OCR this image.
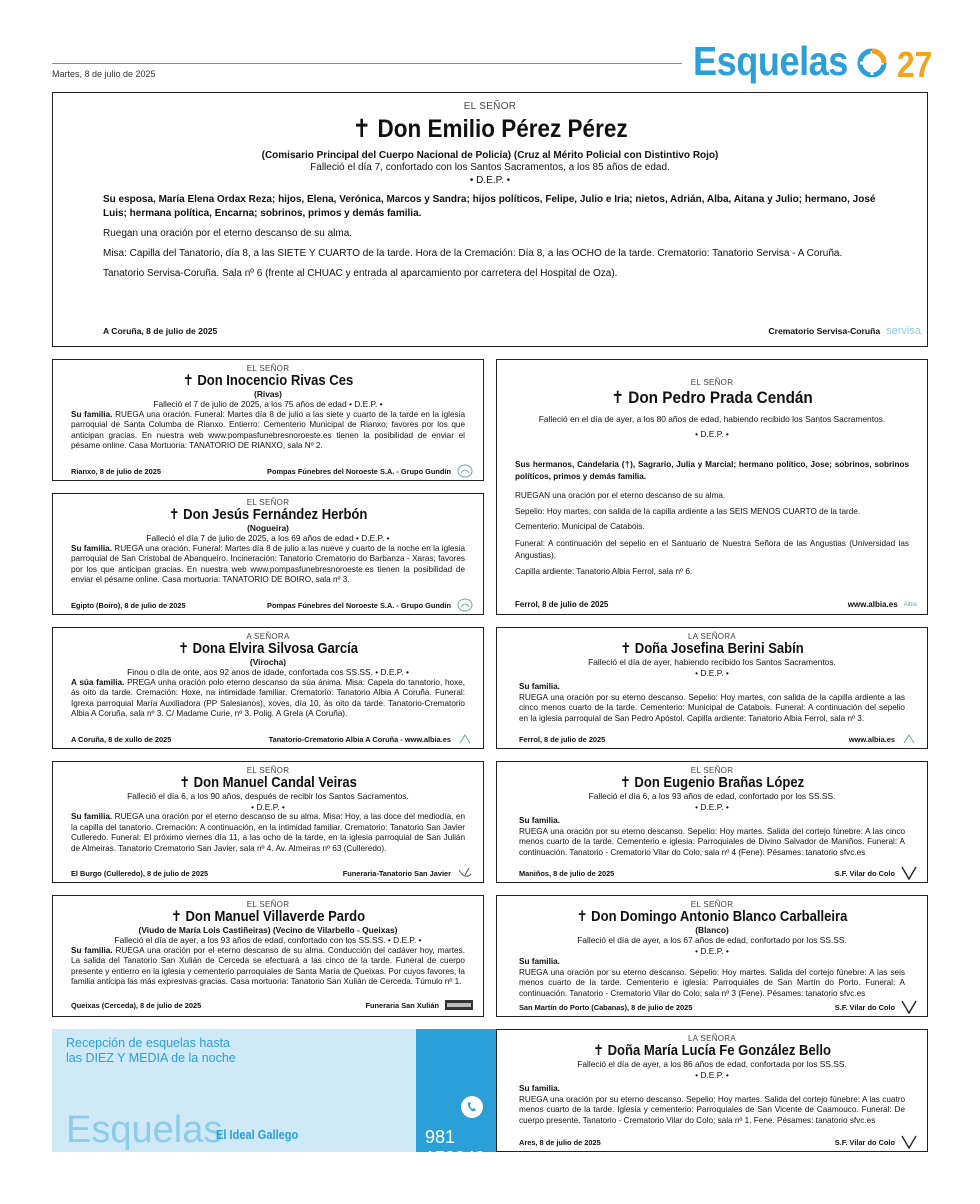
Martes, 8 de julio de 2025	Esquelas 27
EL SEÑOR
✝ Don Emilio Pérez Pérez
(Comisario Principal del Cuerpo Nacional de Policía) (Cruz al Mérito Policial con Distintivo Rojo)
Falleció el día 7, confortado con los Santos Sacramentos, a los 85 años de edad.
• D.E.P. •
Su esposa, María Elena Ordax Reza; hijos, Elena, Verónica, Marcos y Sandra; hijos políticos, Felipe, Julio e Iria; nietos, Adrián, Alba, Aitana y Julio; hermano, José Luis; hermana política, Encarna; sobrinos, primos y demás familia.
Ruegan una oración por el eterno descanso de su alma.
Misa: Capilla del Tanatorio, día 8, a las SIETE Y CUARTO de la tarde. Hora de la Cremación: Día 8, a las OCHO de la tarde. Crematorio: Tanatorio Servisa - A Coruña.
Tanatorio Servisa-Coruña. Sala nº 6 (frente al CHUAC y entrada al aparcamiento por carretera del Hospital de Oza).
A Coruña, 8 de julio de 2025	Crematorio Servisa-Coruña servisa
EL SEÑOR
✝ Don Inocencio Rivas Ces
(Rivas)
Falleció el 7 de julio de 2025, a los 75 años de edad • D.E.P. •
Su familia. RUEGA una oración. Funeral: Martes día 8 de julio a las siete y cuarto de la tarde en la iglesia parroquial de Santa Columba de Rianxo. Entierro: Cementerio Municipal de Rianxo; favores por los que anticipan gracias. En nuestra web www.pompasfunebresnoroeste.es tienen la posibilidad de enviar el pésame online. Casa Mortuoria: TANATORIO DE RIANXO, sala Nº 2.
Rianxo, 8 de julio de 2025	Pompas Fúnebres del Noroeste S.A. - Grupo Gundín
EL SEÑOR
✝ Don Jesús Fernández Herbón
(Nogueira)
Falleció el día 7 de julio de 2025, a los 69 años de edad • D.E.P. •
Su familia. RUEGA una oración. Funeral: Martes día 8 de julio a las nueve y cuarto de la noche en la iglesia parroquial de San Cristobal de Abanqueiro. Incineración: Tanatorio Crematorio do Barbanza - Xaras; favores por los que anticipan gracias. En nuestra web www.pompasfunebresnoroeste.es tienen la posibilidad de enviar el pésame online. Casa mortuoria: TANATORIO DE BOIRO, sala nº 3.
Egipto (Boiro), 8 de julio de 2025	Pompas Fúnebres del Noroeste S.A. - Grupo Gundín
A SEÑORA
✝ Dona Elvira Silvosa García
(Virocha)
Finou o día de onte, aos 92 anos de idade, confortada cos SS.SS. • D.E.P. •
A súa familia. PREGA unha oración polo eterno descanso da súa ánima. Misa: Capela do tanatorio, hoxe, ás oito da tarde. Cremación: Hoxe, na intimidade familiar. Crematorio: Tanatorio Albia A Coruña. Funeral: Igrexa parroquial María Auxiliadora (PP Salesianos), xoves, día 10, ás oito da tarde. Tanatorio-Crematorio Albia A Coruña, sala nº 3. C/ Madame Curie, nº 3. Polig. A Grela (A Coruña).
A Coruña, 8 de xullo de 2025	Tanatorio-Crematorio Albia A Coruña - www.albia.es
EL SEÑOR
✝ Don Manuel Candal Veiras
Falleció el día 6, a los 90 años, después de recibir los Santos Sacramentos.
• D.E.P. •
Su familia. RUEGA una oración por el eterno descanso de su alma. Misa: Hoy, a las doce del mediodía, en la capilla del tanatorio. Cremación: A continuación, en la intimidad familiar. Crematorio: Tanatorio San Javier Culleredo. Funeral: El próximo viernes día 11, a las ocho de la tarde, en la iglesia parroquial de San Julián de Almeiras. Tanatorio Crematorio San Javier, sala nº 4. Av. Almeiras nº 63 (Culleredo).
El Burgo (Culleredo), 8 de julio de 2025	Funeraria-Tanatorio San Javier
EL SEÑOR
✝ Don Manuel Villaverde Pardo
(Viudo de María Lois Castiñeiras) (Vecino de Vilarbello - Queixas)
Falleció el día de ayer, a los 93 años de edad, confortado con los SS.SS. • D.E.P. •
Su familia. RUEGA una oración por el eterno descanso de su alma. Conducción del cadáver hoy, martes. La salida del Tanatorio San Xulián de Cerceda se efectuará a las cinco de la tarde. Funeral de cuerpo presente y entierro en la iglesia y cementerio parroquiales de Santa María de Queixas. Por cuyos favores, la familia anticipa las más expresivas gracias. Casa mortuoria: Tanatorio San Xulián de Cerceda. Túmulo nº 1.
Queixas (Cerceda), 8 de julio de 2025	Funeraria San Xulián
Recepción de esquelas hasta
las DIEZ Y MEDIA de la noche
Esquelas
El Ideal Gallego	981 173040
EL SEÑOR
✝ Don Pedro Prada Cendán
Falleció en el día de ayer, a los 80 años de edad, habiendo recibido los Santos Sacramentos.
• D.E.P. •
Sus hermanos, Candelaria (†), Sagrario, Julia y Marcial; hermano político, Jose; sobrinos, sobrinos políticos, primos y demás familia.
RUEGAN una oración por el eterno descanso de su alma.
Sepelio: Hoy martes, con salida de la capilla ardiente a las SEIS MENOS CUARTO de la tarde.
Cementerio: Municipal de Catabois.
Funeral: A continuación del sepelio en el Santuario de Nuestra Señora de las Angustias (Universidad las Angustias).
Capilla ardiente: Tanatorio Albia Ferrol, sala nº 6.
Ferrol, 8 de julio de 2025	www.albia.es Albia
LA SEÑORA
✝ Doña Josefina Berini Sabín
Falleció el día de ayer, habiendo recibido los Santos Sacramentos.
• D.E.P. •
Su familia.
RUEGA una oración por su eterno descanso. Sepelio: Hoy martes, con salida de la capilla ardiente a las cinco menos cuarto de la tarde. Cementerio: Municipal de Catabois. Funeral: A continuación del sepelio en la iglesia parroquial de San Pedro Apóstol. Capilla ardiente: Tanatorio Albia Ferrol, sala nº 3.
Ferrol, 8 de julio de 2025	www.albia.es
EL SEÑOR
✝ Don Eugenio Brañas López
Falleció el día 6, a los 93 años de edad, confortado por los SS.SS.
• D.E.P. •
Su familia.
RUEGA una oración por su eterno descanso. Sepelio: Hoy martes. Salida del cortejo fúnebre: A las cinco menos cuarto de la tarde. Cementerio e iglesia: Parroquiales de Divino Salvador de Maniños. Funeral: A continuación. Tanatorio - Crematorio Vilar do Colo; sala nº 4 (Fene). Pésames: tanatorio sfvc.es
Maniños, 8 de julio de 2025	S.F. Vilar do Colo
EL SEÑOR
✝ Don Domingo Antonio Blanco Carballeira
(Blanco)
Falleció el día de ayer, a los 67 años de edad, confortado por los SS.SS.
• D.E.P. •
Su familia.
RUEGA una oración por su eterno descanso. Sepelio: Hoy martes. Salida del cortejo fúnebre: A las seis menos cuarto de la tarde. Cementerio e iglesia: Parroquiales de San Martín do Porto. Funeral: A continuación. Tanatorio - Crematorio Vilar do Colo; sala nº 3 (Fene). Pésames: tanatorio sfvc.es
San Martín do Porto (Cabanas), 8 de julio de 2025	S.F. Vilar do Colo
LA SEÑORA
✝ Doña María Lucía Fe González Bello
Falleció el día de ayer, a los 86 años de edad, confortada por los SS.SS.
• D.E.P. •
Su familia.
RUEGA una oración por su eterno descanso. Sepelio: Hoy martes. Salida del cortejo fúnebre: A las cuatro menos cuarto de la tarde. Iglesia y cementerio: Parroquiales de San Vicente de Caamouco. Funeral: De cuerpo presente. Tanatorio - Crematorio Vilar do Colo; sala nº 1. Fene. Pésames: tanatorio sfvc.es
Ares, 8 de julio de 2025	S.F. Vilar do Colo
